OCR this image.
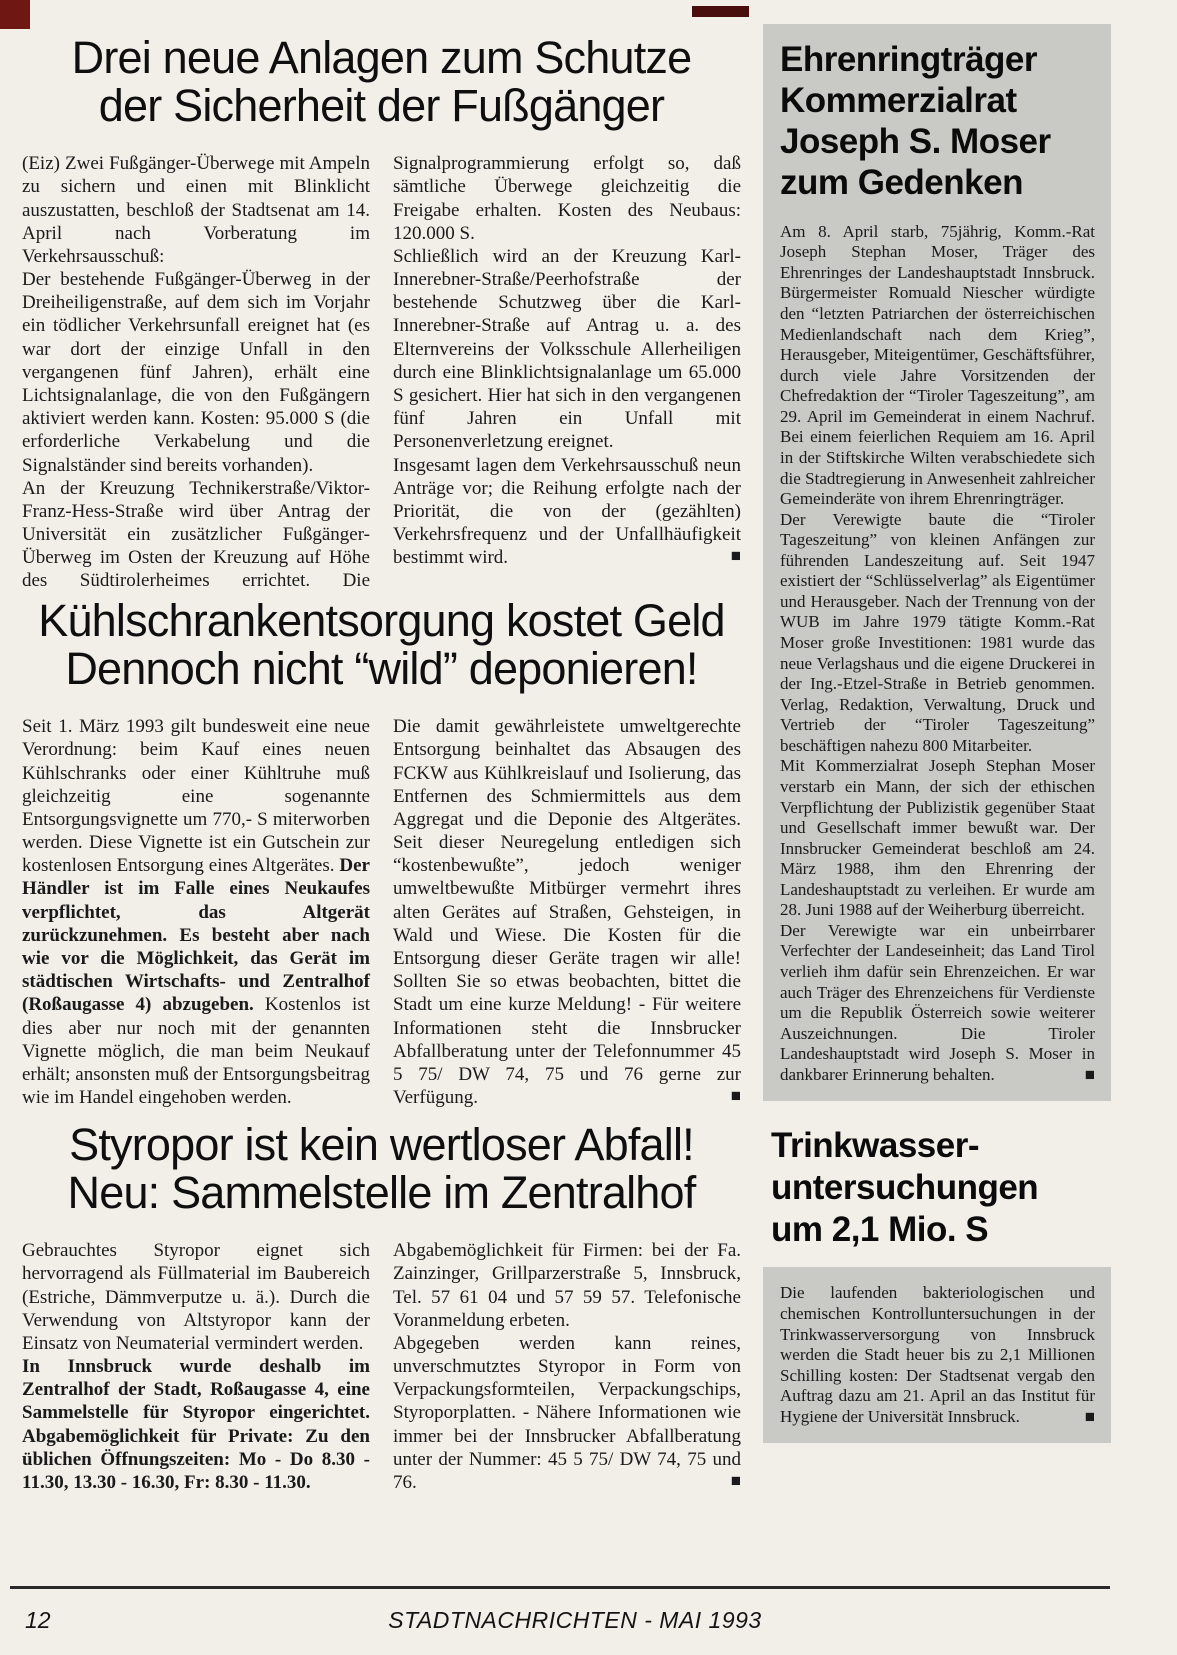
Drei neue Anlagen zum Schutze
der Sicherheit der Fußgänger

(Eiz) Zwei Fußgänger-Überwege mit Ampeln zu sichern und einen mit Blinklicht auszustatten, beschloß der Stadtsenat am 14. April nach Vorberatung im Verkehrsausschuß:

Der bestehende Fußgänger-Überweg in der Dreiheiligenstraße, auf dem sich im Vorjahr ein tödlicher Verkehrsunfall ereignet hat (es war dort der einzige Unfall in den vergangenen fünf Jahren), erhält eine Lichtsignalanlage, die von den Fußgängern aktiviert werden kann. Kosten: 95.000 S (die erforderliche Verkabelung und die Signalständer sind bereits vorhanden).

An der Kreuzung Technikerstraße/Viktor-Franz-Hess-Straße wird über Antrag der Universität ein zusätzlicher Fußgänger-Überweg im Osten der Kreuzung auf Höhe des Südtirolerheimes errichtet. Die Signalprogrammierung erfolgt so, daß sämtliche Überwege gleichzeitig die Freigabe erhalten. Kosten des Neubaus: 120.000 S.

Schließlich wird an der Kreuzung Karl-Innerebner-Straße/Peerhofstraße der bestehende Schutzweg über die Karl-Innerebner-Straße auf Antrag u. a. des Elternvereins der Volksschule Allerheiligen durch eine Blinklichtsignalanlage um 65.000 S gesichert. Hier hat sich in den vergangenen fünf Jahren ein Unfall mit Personenverletzung ereignet.

Insgesamt lagen dem Verkehrsausschuß neun Anträge vor; die Reihung erfolgte nach der Priorität, die von der (gezählten) Verkehrsfrequenz und der Unfallhäufigkeit bestimmt wird.	■

Kühlschrankentsorgung kostet Geld
Dennoch nicht “wild” deponieren!

Seit 1. März 1993 gilt bundesweit eine neue Verordnung: beim Kauf eines neuen Kühlschranks oder einer Kühltruhe muß gleichzeitig eine sogenannte Entsorgungsvignette um 770,- S miterworben werden. Diese Vignette ist ein Gutschein zur kostenlosen Entsorgung eines Altgerätes. Der Händler ist im Falle eines Neukaufes verpflichtet, das Altgerät zurückzunehmen. Es besteht aber nach wie vor die Möglichkeit, das Gerät im städtischen Wirtschafts- und Zentralhof (Roßaugasse 4) abzugeben. Kostenlos ist dies aber nur noch mit der genannten Vignette möglich, die man beim Neukauf erhält; ansonsten muß der Entsorgungsbeitrag wie im Handel eingehoben werden.

Die damit gewährleistete umweltgerechte Entsorgung beinhaltet das Absaugen des FCKW aus Kühlkreislauf und Isolierung, das Entfernen des Schmiermittels aus dem Aggregat und die Deponie des Altgerätes. Seit dieser Neuregelung entledigen sich “kostenbewußte”, jedoch weniger umweltbewußte Mitbürger vermehrt ihres alten Gerätes auf Straßen, Gehsteigen, in Wald und Wiese. Die Kosten für die Entsorgung dieser Geräte tragen wir alle! Sollten Sie so etwas beobachten, bittet die Stadt um eine kurze Meldung! - Für weitere Informationen steht die Innsbrucker Abfallberatung unter der Telefonnummer 45 5 75/ DW 74, 75 und 76 gerne zur Verfügung.	■

Styropor ist kein wertloser Abfall!
Neu: Sammelstelle im Zentralhof

Gebrauchtes Styropor eignet sich hervorragend als Füllmaterial im Baubereich (Estriche, Dämmverputze u. ä.). Durch die Verwendung von Altstyropor kann der Einsatz von Neumaterial vermindert werden.

In Innsbruck wurde deshalb im Zentralhof der Stadt, Roßaugasse 4, eine Sammelstelle für Styropor eingerichtet. Abgabemöglichkeit für Private: Zu den üblichen Öffnungszeiten: Mo - Do 8.30 - 11.30, 13.30 - 16.30, Fr: 8.30 - 11.30.

Abgabemöglichkeit für Firmen: bei der Fa. Zainzinger, Grillparzerstraße 5, Innsbruck, Tel. 57 61 04 und 57 59 57. Telefonische Voranmeldung erbeten.

Abgegeben werden kann reines, unverschmutztes Styropor in Form von Verpackungsformteilen, Verpackungschips, Styroporplatten. - Nähere Informationen wie immer bei der Innsbrucker Abfallberatung unter der Nummer: 45 5 75/ DW 74, 75 und 76.	■

Ehrenringträger
Kommerzialrat
Joseph S. Moser
zum Gedenken

Am 8. April starb, 75jährig, Komm.-Rat Joseph Stephan Moser, Träger des Ehrenringes der Landeshauptstadt Innsbruck. Bürgermeister Romuald Niescher würdigte den “letzten Patriarchen der österreichischen Medienlandschaft nach dem Krieg”, Herausgeber, Miteigentümer, Geschäftsführer, durch viele Jahre Vorsitzenden der Chefredaktion der “Tiroler Tageszeitung”, am 29. April im Gemeinderat in einem Nachruf. Bei einem feierlichen Requiem am 16. April in der Stiftskirche Wilten verabschiedete sich die Stadtregierung in Anwesenheit zahlreicher Gemeinderäte von ihrem Ehrenringträger.

Der Verewigte baute die “Tiroler Tageszeitung” von kleinen Anfängen zur führenden Landeszeitung auf. Seit 1947 existiert der “Schlüsselverlag” als Eigentümer und Herausgeber. Nach der Trennung von der WUB im Jahre 1979 tätigte Komm.-Rat Moser große Investitionen: 1981 wurde das neue Verlagshaus und die eigene Druckerei in der Ing.-Etzel-Straße in Betrieb genommen. Verlag, Redaktion, Verwaltung, Druck und Vertrieb der “Tiroler Tageszeitung” beschäftigen nahezu 800 Mitarbeiter.

Mit Kommerzialrat Joseph Stephan Moser verstarb ein Mann, der sich der ethischen Verpflichtung der Publizistik gegenüber Staat und Gesellschaft immer bewußt war. Der Innsbrucker Gemeinderat beschloß am 24. März 1988, ihm den Ehrenring der Landeshauptstadt zu verleihen. Er wurde am 28. Juni 1988 auf der Weiherburg überreicht.

Der Verewigte war ein unbeirrbarer Verfechter der Landeseinheit; das Land Tirol verlieh ihm dafür sein Ehrenzeichen. Er war auch Träger des Ehrenzeichens für Verdienste um die Republik Österreich sowie weiterer Auszeichnungen. Die Tiroler Landeshauptstadt wird Joseph S. Moser in dankbarer Erinnerung behalten.	■

Trinkwasser-
untersuchungen
um 2,1 Mio. S

Die laufenden bakteriologischen und chemischen Kontrolluntersuchungen in der Trinkwasserversorgung von Innsbruck werden die Stadt heuer bis zu 2,1 Millionen Schilling kosten: Der Stadtsenat vergab den Auftrag dazu am 21. April an das Institut für Hygiene der Universität Innsbruck.	■

12	STADTNACHRICHTEN - MAI 1993
